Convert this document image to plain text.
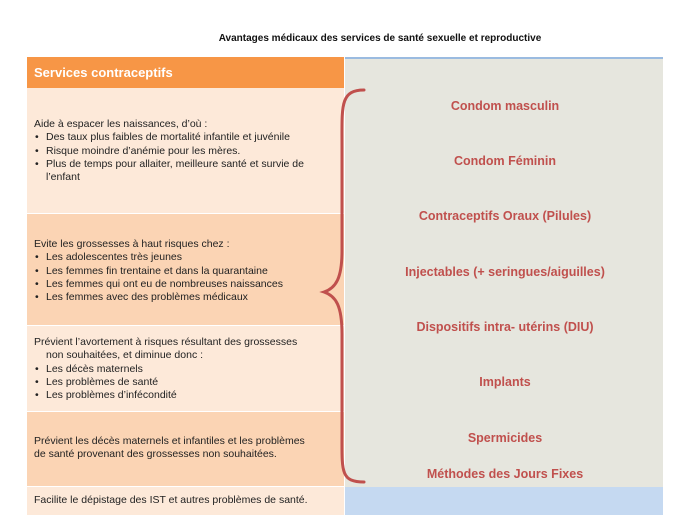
Avantages médicaux des services de santé sexuelle et reproductive
Services contraceptifs
Aide à espacer les naissances, d’où :
• Des taux plus faibles de mortalité infantile et juvénile
• Risque moindre d’anémie pour les mères.
• Plus de temps pour allaiter, meilleure santé et survie de
l’enfant
Evite les grossesses à haut risques chez :
• Les adolescentes très jeunes
• Les femmes fin trentaine et dans la quarantaine
• Les femmes qui ont eu de nombreuses naissances
• Les femmes avec des problèmes médicaux
Prévient l’avortement à risques résultant des grossesses
non souhaitées, et diminue donc :
• Les décès maternels
• Les problèmes de santé
• Les problèmes d’infécondité
Prévient les décès maternels et infantiles et les problèmes
de santé provenant des grossesses non souhaitées.
Facilite le dépistage des IST et autres problèmes de santé.
Condom masculin
Condom Féminin
Contraceptifs Oraux (Pilules)
Injectables (+ seringues/aiguilles)
Dispositifs intra- utérins (DIU)
Implants
Spermicides
Méthodes des Jours Fixes
